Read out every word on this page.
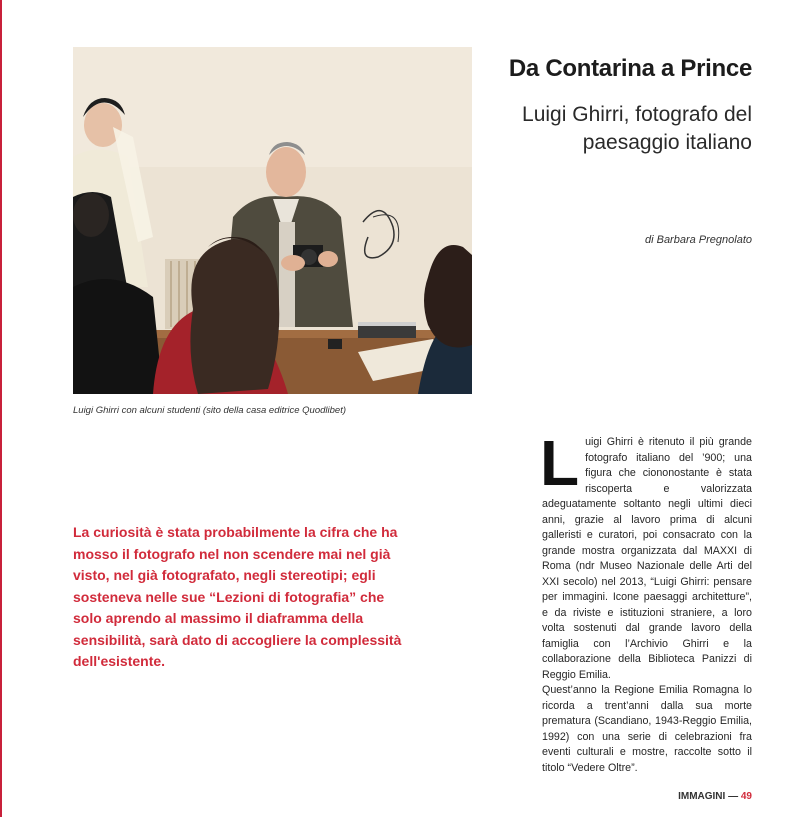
Luigi Ghirri con alcuni studenti (sito della casa editrice Quodlibet)
Da Contarina a Prince
Luigi Ghirri, fotografo del paesaggio italiano
di Barbara Pregnolato
La curiosità è stata probabilmente la cifra che ha mosso il fotografo nel non scendere mai nel già visto, nel già fotografato, negli stereotipi; egli sosteneva nelle sue “Lezioni di fotografia” che solo aprendo al massimo il diaframma della sensibilità, sarà dato di accogliere la complessità dell'esistente.
Luigi Ghirri è ritenuto il più grande fotografo italiano del ’900; una figura che ciononostante è stata riscoperta e valorizzata adeguatamente soltanto negli ultimi dieci anni, grazie al lavoro prima di alcuni galleristi e curatori, poi consacrato con la grande mostra organizzata dal MAXXI di Roma (ndr Museo Nazionale delle Arti del XXI secolo) nel 2013, “Luigi Ghirri: pensare per immagini. Icone paesaggi architetture”, e da riviste e istituzioni straniere, a loro volta sostenuti dal grande lavoro della famiglia con l’Archivio Ghirri e la collaborazione della Biblioteca Panizzi di Reggio Emilia.
Quest’anno la Regione Emilia Romagna lo ricorda a trent’anni dalla sua morte prematura (Scandiano, 1943-Reggio Emilia, 1992) con una serie di celebrazioni fra eventi culturali e mostre, raccolte sotto il titolo “Vedere Oltre”.
IMMAGINI — 49
